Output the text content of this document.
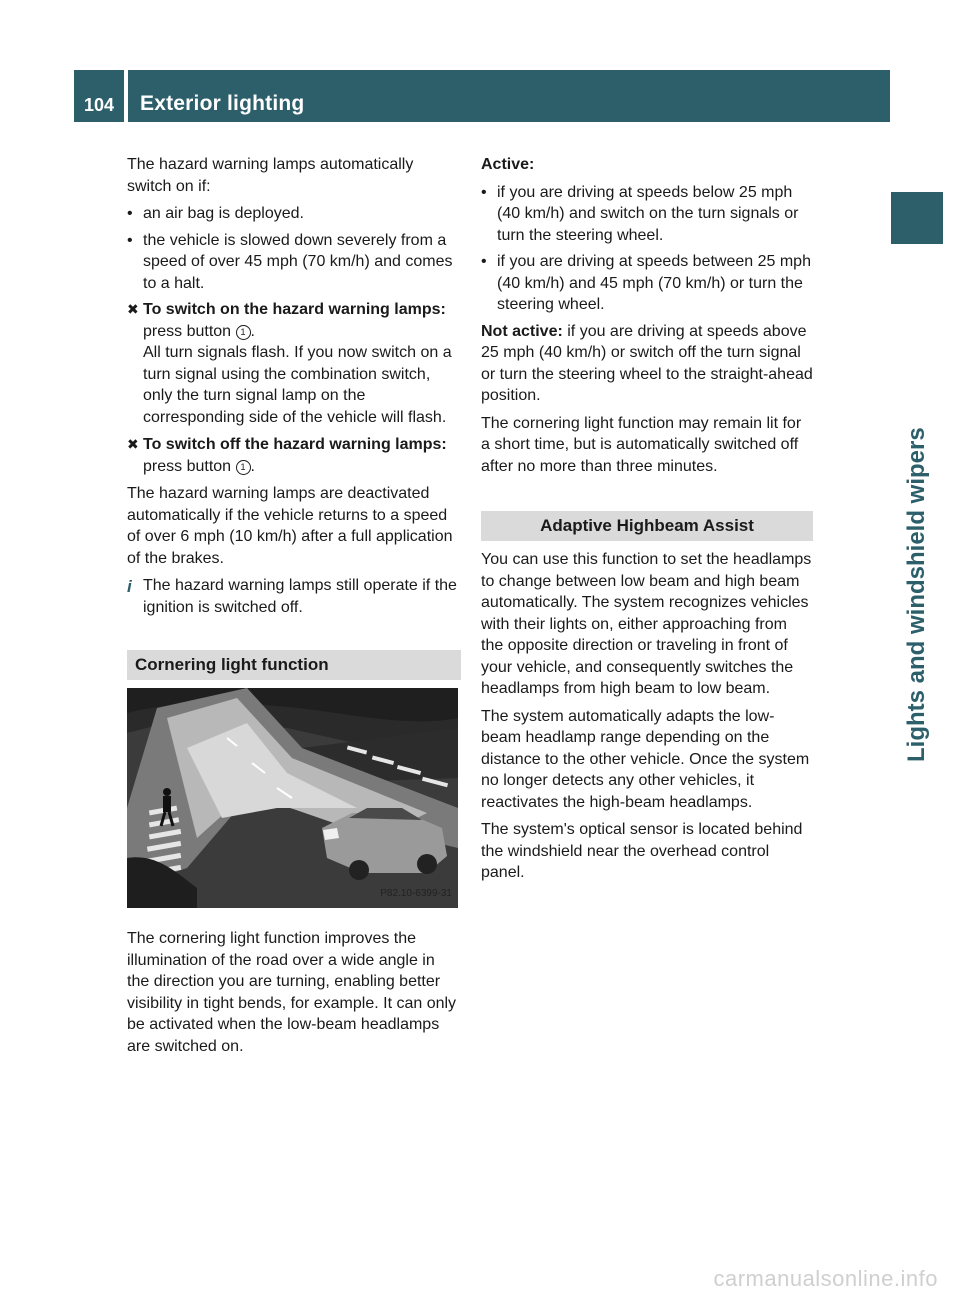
104 Exterior lighting
Lights and windshield wipers

The hazard warning lamps automatically switch on if:

• an air bag is deployed.
• the vehicle is slowed down severely from a speed of over 45 mph (70 km/h) and comes to a halt.
✖ To switch on the hazard warning lamps: press button 1 .
All turn signals flash. If you now switch on a turn signal using the combination switch, only the turn signal lamp on the corresponding side of the vehicle will flash.
✖ To switch off the hazard warning lamps: press button 1 .

The hazard warning lamps are deactivated automatically if the vehicle returns to a speed of over 6 mph (10 km/h) after a full application of the brakes.

i The hazard warning lamps still operate if the ignition is switched off.
Cornering light function
P82.10-6399-31

The cornering light function improves the illumination of the road over a wide angle in the direction you are turning, enabling better visibility in tight bends, for example. It can only be activated when the low-beam headlamps are switched on.

Active:

• if you are driving at speeds below 25 mph (40 km/h) and switch on the turn signals or turn the steering wheel.
• if you are driving at speeds between 25 mph (40 km/h) and 45 mph (70 km/h) or turn the steering wheel.

Not active: if you are driving at speeds above 25 mph (40 km/h) or switch off the turn signal or turn the steering wheel to the straight-ahead position.

The cornering light function may remain lit for a short time, but is automatically switched off after no more than three minutes.

Adaptive Highbeam Assist

You can use this function to set the headlamps to change between low beam and high beam automatically. The system recognizes vehicles with their lights on, either approaching from the opposite direction or traveling in front of your vehicle, and consequently switches the headlamps from high beam to low beam.

The system automatically adapts the low-beam headlamp range depending on the distance to the other vehicle. Once the system no longer detects any other vehicles, it reactivates the high-beam headlamps.

The system's optical sensor is located behind the windshield near the overhead control panel.

carmanualsonline.info
